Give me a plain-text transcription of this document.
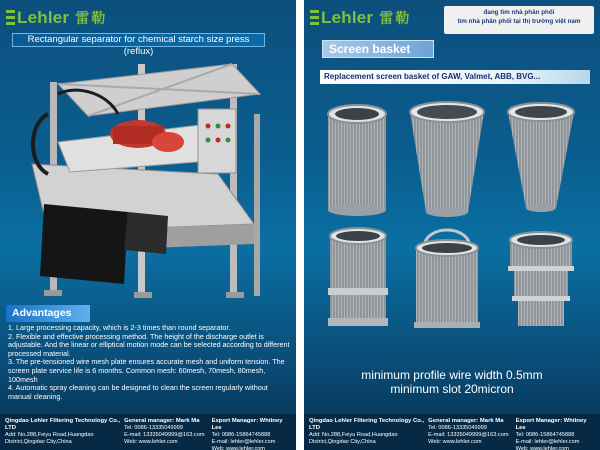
Lehler 雷勒
Rectangular separator for chemical starch size press (reflux)
Advantages

1. Large processing capacity, which is 2-3 times than round separator.

2. Flexible and effective processing method. The height of the discharge outlet is adjustable. And the linear or elliptical motion mode can be selected according to different processed material.

3. The pre-tensioned wire mesh plate ensures accurate mesh and uniform tension. The screen plate service life is 6 months. Common mesh: 60mesh, 70mesh, 80mesh, 100mesh

4. Automatic spray cleaning can be designed to clean the screen regularly without manual cleaning.

Qingdao Lehler Filtering Technology Co., LTD
Add: No.288,Feiyu Road,Huangdao District,Qingdao City,China
General manager: Mark Ma
Tel: 0086-13335049999
E-mail: 13335049999@163.com
Web: www.lehler.com
Export Manager: Whitney Lee
Tel: 0086-15864745888
E-mail: lehler@lehler.com
Web: www.lehler.com
Lehler 雷勒	đang tìm nhà phân phối
tìm nhà phân phối tại thị trường việt nam
Screen basket
Replacement screen basket of GAW, Valmet, ABB, BVG...
minimum profile wire width 0.5mm
minimum slot 20micron
Qingdao Lehler Filtering Technology Co., LTD
Add: No.288,Feiyu Road,Huangdao District,Qingdao City,China
General manager: Mark Ma
Tel: 0086-13335049999
E-mail: 13335049999@163.com
Web: www.lehler.com
Export Manager: Whitney Lee
Tel: 0086-15864745888
E-mail: lehler@lehler.com
Web: www.lehler.com
